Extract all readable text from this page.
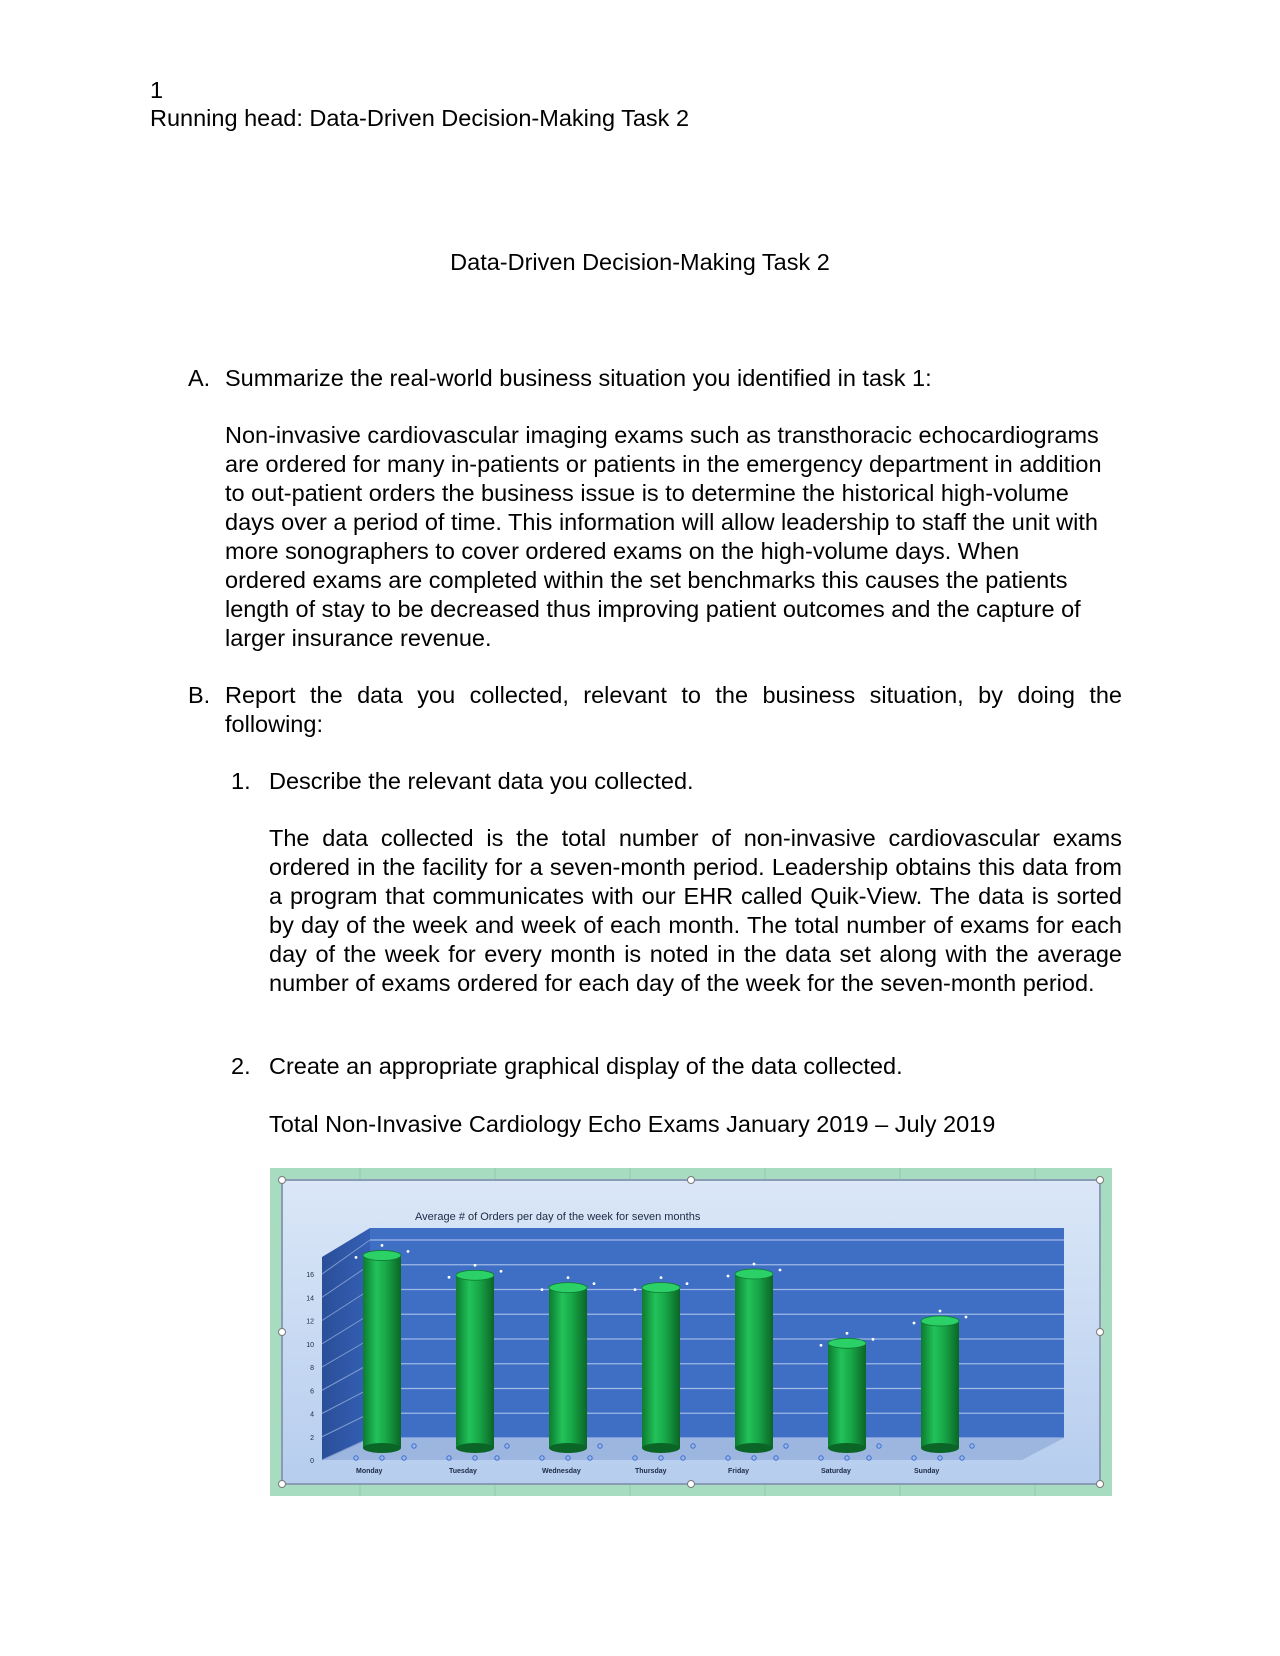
1
Running head: Data-Driven Decision-Making Task 2
Data-Driven Decision-Making Task 2
A. Summarize the real-world business situation you identified in task 1:

Non-invasive cardiovascular imaging exams such as transthoracic echocardiograms are ordered for many in-patients or patients in the emergency department in addition to out-patient orders the business issue is to determine the historical high-volume days over a period of time. This information will allow leadership to staff the unit with more sonographers to cover ordered exams on the high-volume days. When ordered exams are completed within the set benchmarks this causes the patients length of stay to be decreased thus improving patient outcomes and the capture of larger insurance revenue.

B. Report the data you collected, relevant to the business situation, by doing the following:

1. Describe the relevant data you collected.

The data collected is the total number of non-invasive cardiovascular exams ordered in the facility for a seven-month period. Leadership obtains this data from a program that communicates with our EHR called Quik-View. The data is sorted by day of the week and week of each month. The total number of exams for each day of the week for every month is noted in the data set along with the average number of exams ordered for each day of the week for the seven-month period.

2. Create an appropriate graphical display of the data collected.
Total Non-Invasive Cardiology Echo Exams January 2019 – July 2019
Average # of Orders per day of the week for seven months
0
2
4
6
8
10
12
14
16
Monday	Tuesday	Wednesday	Thursday	Friday	Saturday	Sunday
